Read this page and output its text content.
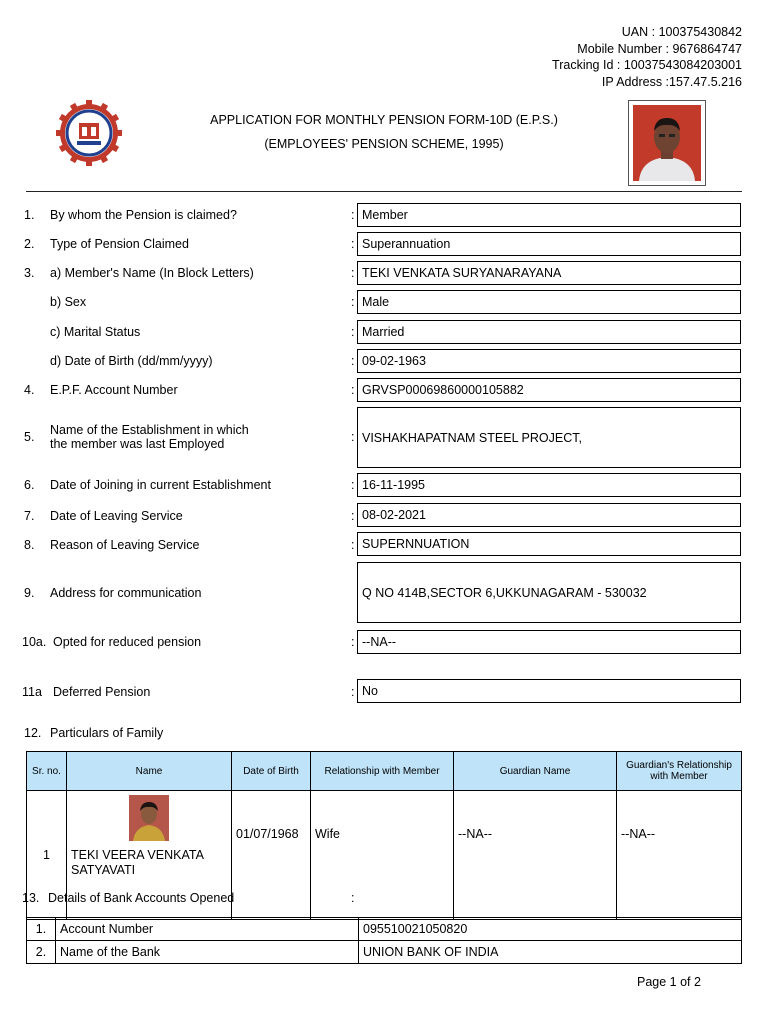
UAN : 100375430842
Mobile Number : 9676864747
Tracking Id : 10037543084203001
IP Address :157.47.5.216
APPLICATION FOR MONTHLY PENSION FORM-10D (E.P.S.)
(EMPLOYEES' PENSION SCHEME, 1995)
1. By whom the Pension is claimed?	: Member
2. Type of Pension Claimed	: Superannuation
3. a) Member's Name (In Block Letters)	: TEKI VENKATA SURYANARAYANA
b) Sex	: Male
c) Marital Status	: Married
d) Date of Birth (dd/mm/yyyy)	: 09-02-1963
4. E.P.F. Account Number	: GRVSP00069860000105882
5. Name of the Establishment in which
the member was last Employed	: VISHAKHAPATNAM STEEL PROJECT,
6. Date of Joining in current Establishment	: 16-11-1995
7. Date of Leaving Service	: 08-02-2021
8. Reason of Leaving Service	: SUPERNNUATION
9. Address for communication	Q NO 414B,SECTOR 6,UKKUNAGARAM - 530032
10a. Opted for reduced pension	: --NA--
11a Deferred Pension	: No
12. Particulars of Family
Sr. no.	Name	Date of Birth	Relationship with Member	Guardian Name	Guardian's Relationship with Member
1	TEKI VEERA VENKATA SATYAVATI	01/07/1968	Wife	--NA--	--NA--
13. Details of Bank Accounts Opened	:
1.	Account Number	095510021050820
2.	Name of the Bank	UNION BANK OF INDIA
Page 1 of 2
